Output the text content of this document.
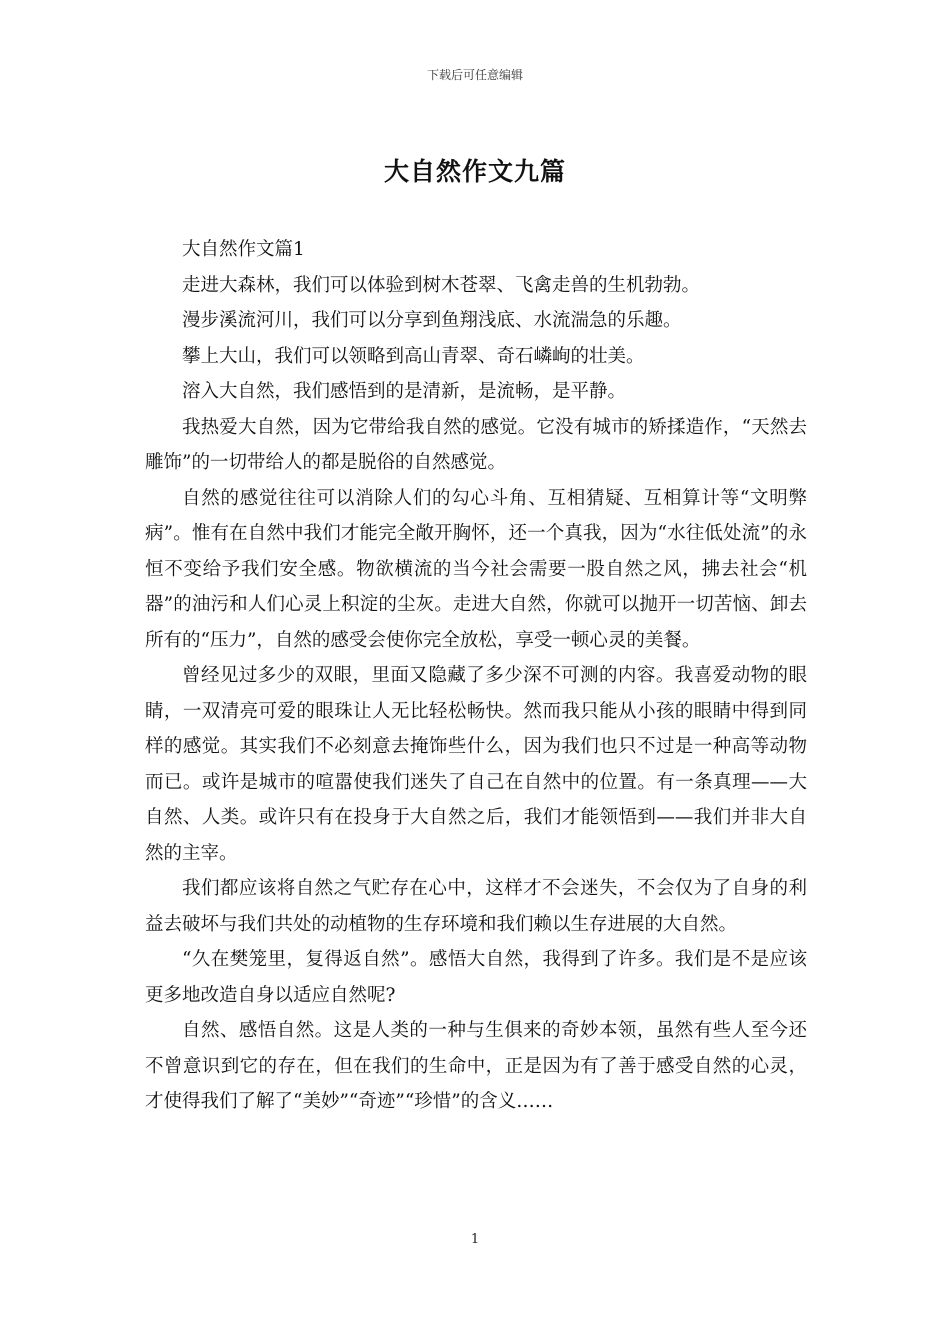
下载后可任意编辑
大自然作文九篇

大自然作文篇1

走进大森林，我们可以体验到树木苍翠、飞禽走兽的生机勃勃。

漫步溪流河川，我们可以分享到鱼翔浅底、水流湍急的乐趣。

攀上大山，我们可以领略到高山青翠、奇石嶙峋的壮美。

溶入大自然，我们感悟到的是清新，是流畅，是平静。

我热爱大自然，因为它带给我自然的感觉。它没有城市的矫揉造作，“天然去雕饰”的一切带给人的都是脱俗的自然感觉。

自然的感觉往往可以消除人们的勾心斗角、互相猜疑、互相算计等“文明弊病”。惟有在自然中我们才能完全敞开胸怀，还一个真我，因为“水往低处流”的永恒不变给予我们安全感。物欲横流的当今社会需要一股自然之风，拂去社会“机器”的油污和人们心灵上积淀的尘灰。走进大自然，你就可以抛开一切苦恼、卸去所有的“压力”，自然的感受会使你完全放松，享受一顿心灵的美餐。

曾经见过多少的双眼，里面又隐藏了多少深不可测的内容。我喜爱动物的眼睛，一双清亮可爱的眼珠让人无比轻松畅快。然而我只能从小孩的眼睛中得到同样的感觉。其实我们不必刻意去掩饰些什么，因为我们也只不过是一种高等动物而已。或许是城市的喧嚣使我们迷失了自己在自然中的位置。有一条真理——大自然、人类。或许只有在投身于大自然之后，我们才能领悟到——我们并非大自然的主宰。

我们都应该将自然之气贮存在心中，这样才不会迷失，不会仅为了自身的利益去破坏与我们共处的动植物的生存环境和我们赖以生存进展的大自然。

“久在樊笼里，复得返自然”。感悟大自然，我得到了许多。我们是不是应该更多地改造自身以适应自然呢?

自然、感悟自然。这是人类的一种与生俱来的奇妙本领，虽然有些人至今还不曾意识到它的存在，但在我们的生命中，正是因为有了善于感受自然的心灵，才使得我们了解了“美妙”“奇迹”“珍惜”的含义……

1
